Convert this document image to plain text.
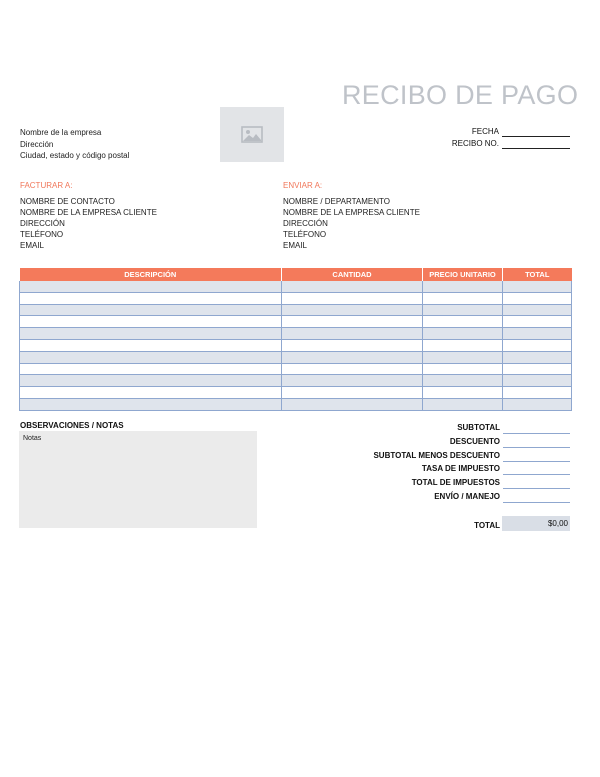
RECIBO DE PAGO
Nombre de la empresa
Dirección
Ciudad, estado y código postal
FECHA
RECIBO NO.
FACTURAR A:
NOMBRE DE CONTACTO
NOMBRE DE LA EMPRESA CLIENTE
DIRECCIÓN
TELÉFONO
EMAIL
ENVIAR A:
NOMBRE / DEPARTAMENTO
NOMBRE DE LA EMPRESA CLIENTE
DIRECCIÓN
TELÉFONO
EMAIL
DESCRIPCIÓN	CANTIDAD	PRECIO UNITARIO	TOTAL

OBSERVACIONES / NOTAS
Notas
SUBTOTAL
DESCUENTO
SUBTOTAL MENOS DESCUENTO
TASA DE IMPUESTO
TOTAL DE IMPUESTOS
ENVÍO / MANEJO
TOTAL	$0,00
